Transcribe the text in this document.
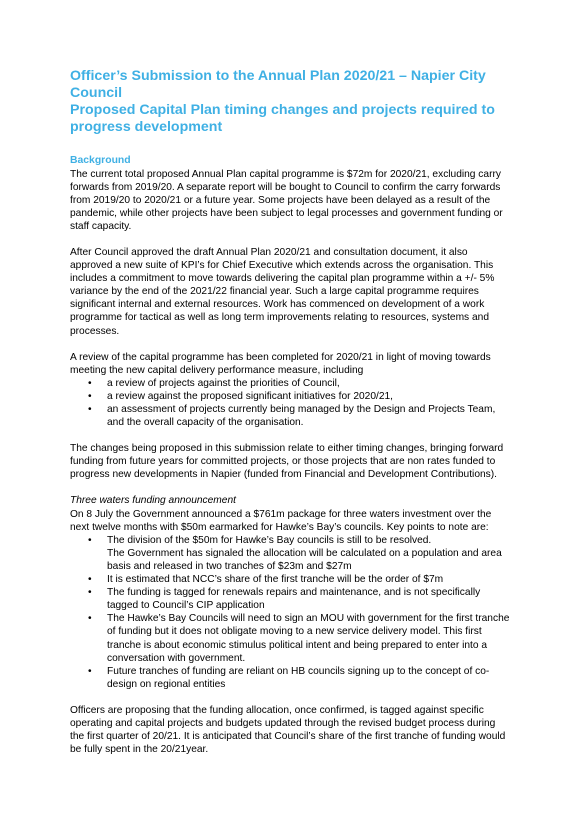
Officer’s Submission to the Annual Plan 2020/21 – Napier City Council
Proposed Capital Plan timing changes and projects required to progress development
Background

The current total proposed Annual Plan capital programme is $72m for 2020/21, excluding carry forwards from 2019/20. A separate report will be bought to Council to confirm the carry forwards from 2019/20 to 2020/21 or a future year. Some projects have been delayed as a result of the pandemic, while other projects have been subject to legal processes and government funding or staff capacity.

After Council approved the draft Annual Plan 2020/21 and consultation document, it also approved a new suite of KPI’s for Chief Executive which extends across the organisation. This includes a commitment to move towards delivering the capital plan programme within a +/- 5% variance by the end of the 2021/22 financial year. Such a large capital programme requires significant internal and external resources. Work has commenced on development of a work programme for tactical as well as long term improvements relating to resources, systems and processes.

A review of the capital programme has been completed for 2020/21 in light of moving towards meeting the new capital delivery performance measure, including

• a review of projects against the priorities of Council,
• a review against the proposed significant initiatives for 2020/21,
• an assessment of projects currently being managed by the Design and Projects Team, and the overall capacity of the organisation.

The changes being proposed in this submission relate to either timing changes, bringing forward funding from future years for committed projects, or those projects that are non rates funded to progress new developments in Napier (funded from Financial and Development Contributions).

Three waters funding announcement

On 8 July the Government announced a $761m package for three waters investment over the next twelve months with $50m earmarked for Hawke’s Bay’s councils. Key points to note are:

• The division of the $50m for Hawke’s Bay councils is still to be resolved.
The Government has signaled the allocation will be calculated on a population and area basis and released in two tranches of $23m and $27m
• It is estimated that NCC’s share of the first tranche will be the order of $7m
• The funding is tagged for renewals repairs and maintenance, and is not specifically tagged to Council’s CIP application
• The Hawke’s Bay Councils will need to sign an MOU with government for the first tranche of funding but it does not obligate moving to a new service delivery model. This first tranche is about economic stimulus political intent and being prepared to enter into a conversation with government.
• Future tranches of funding are reliant on HB councils signing up to the concept of co-design on regional entities

Officers are proposing that the funding allocation, once confirmed, is tagged against specific operating and capital projects and budgets updated through the revised budget process during the first quarter of 20/21. It is anticipated that Council’s share of the first tranche of funding would be fully spent in the 20/21year.
